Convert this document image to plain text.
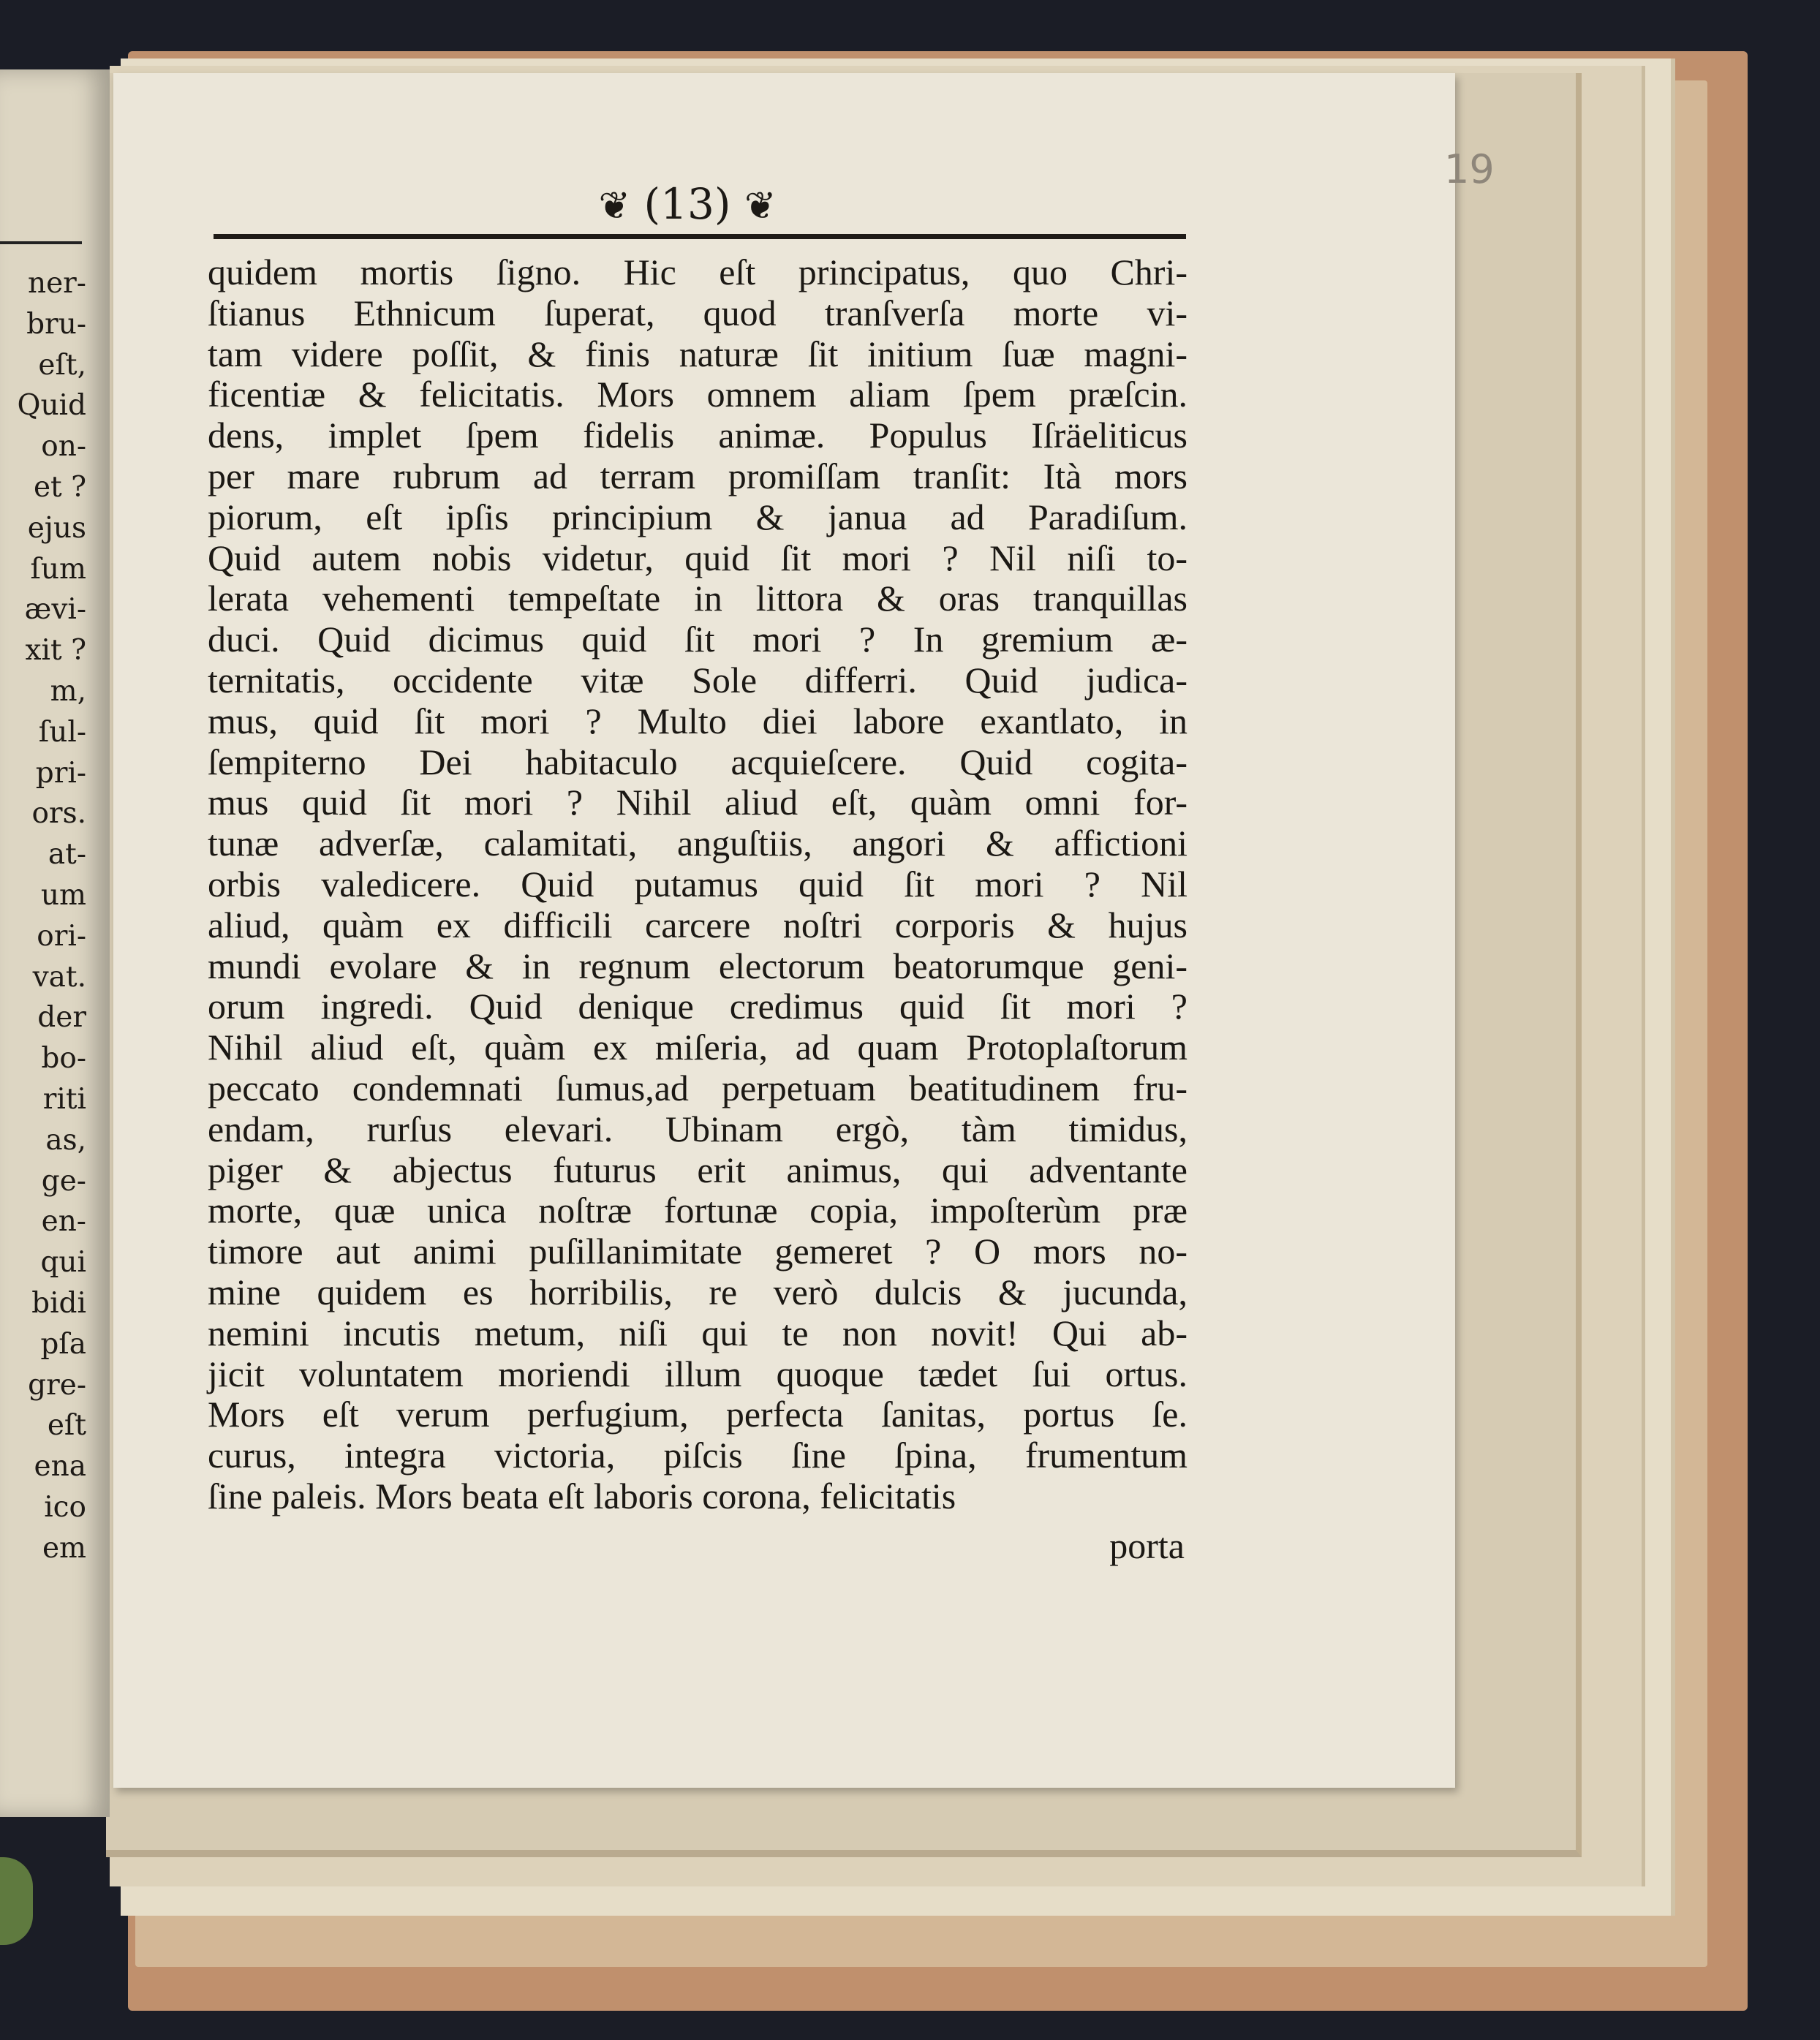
ner-
bru-
eſt,
Quid
on-
et ?
ejus
ſum
ævi-
xit ?
m,
ſul-
pri-
ors.
at-
um
ori-
vat.
der
bo-
riti
as,
ge-
en-
qui
bidi
pſa
gre-
eſt
ena
ico
em
19
❦ (13) ❦
quidem mortis ſigno. Hic eſt principatus, quo Chri-
ſtianus Ethnicum ſuperat, quod tranſverſa morte vi-
tam videre poſſit, & finis naturæ ſit initium ſuæ magni-
ficentiæ & felicitatis. Mors omnem aliam ſpem præſcin.
dens, implet ſpem fidelis animæ. Populus Iſräeliticus
per mare rubrum ad terram promiſſam tranſit: Ità mors
piorum, eſt ipſis principium & janua ad Paradiſum.
Quid autem nobis videtur, quid ſit mori ? Nil niſi to-
lerata vehementi tempeſtate in littora & oras tranquillas
duci. Quid dicimus quid ſit mori ? In gremium æ-
ternitatis, occidente vitæ Sole differri. Quid judica-
mus, quid ſit mori ? Multo diei labore exantlato, in
ſempiterno Dei habitaculo acquieſcere. Quid cogita-
mus quid ſit mori ? Nihil aliud eſt, quàm omni for-
tunæ adverſæ, calamitati, anguſtiis, angori & affictioni
orbis valedicere. Quid putamus quid ſit mori ? Nil
aliud, quàm ex difficili carcere noſtri corporis & hujus
mundi evolare & in regnum electorum beatorumque geni-
orum ingredi. Quid denique credimus quid ſit mori ?
Nihil aliud eſt, quàm ex miſeria, ad quam Protoplaſtorum
peccato condemnati ſumus,ad perpetuam beatitudinem fru-
endam, rurſus elevari. Ubinam ergò, tàm timidus,
piger & abjectus futurus erit animus, qui adventante
morte, quæ unica noſtræ fortunæ copia, impoſterùm præ
timore aut animi puſillanimitate gemeret ? O mors no-
mine quidem es horribilis, re verò dulcis & jucunda,
nemini incutis metum, niſi qui te non novit! Qui ab-
jicit voluntatem moriendi illum quoque tædet ſui ortus.
Mors eſt verum perfugium, perfecta ſanitas, portus ſe.
curus, integra victoria, piſcis ſine ſpina, frumentum
ſine paleis. Mors beata eſt laboris corona, felicitatis
porta
